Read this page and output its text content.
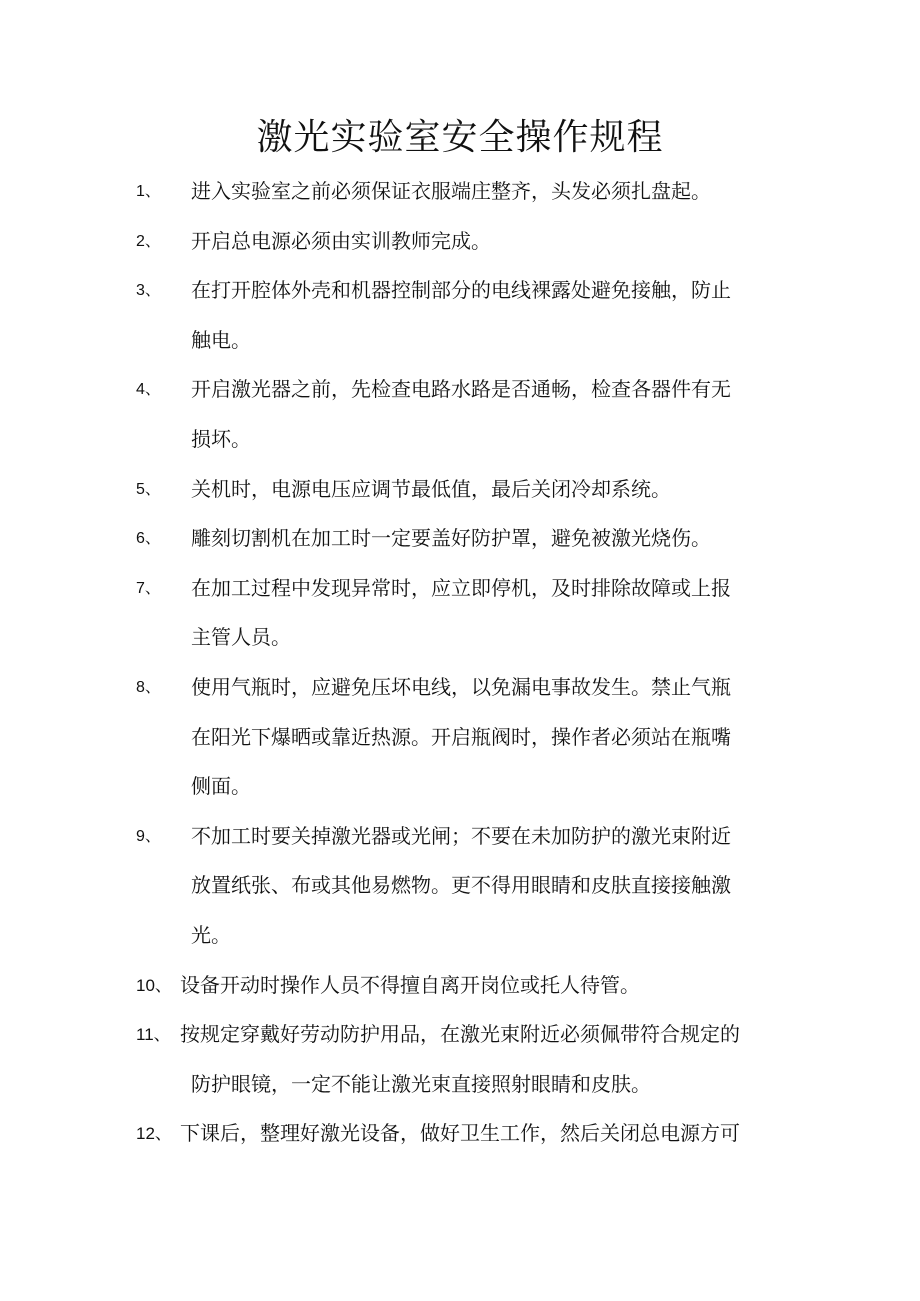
激光实验室安全操作规程
1、	进入实验室之前必须保证衣服端庄整齐，头发必须扎盘起。
2、	开启总电源必须由实训教师完成。
3、	在打开腔体外壳和机器控制部分的电线裸露处避免接触，防止
触电。
4、	开启激光器之前，先检查电路水路是否通畅，检查各器件有无
损坏。
5、	关机时，电源电压应调节最低值，最后关闭冷却系统。
6、	雕刻切割机在加工时一定要盖好防护罩，避免被激光烧伤。
7、	在加工过程中发现异常时，应立即停机，及时排除故障或上报
主管人员。
8、	使用气瓶时，应避免压坏电线，以免漏电事故发生。禁止气瓶
在阳光下爆晒或靠近热源。开启瓶阀时，操作者必须站在瓶嘴
侧面。
9、	不加工时要关掉激光器或光闸；不要在未加防护的激光束附近
放置纸张、布或其他易燃物。更不得用眼睛和皮肤直接接触激
光。
10、 设备开动时操作人员不得擅自离开岗位或托人待管。
11、 按规定穿戴好劳动防护用品，在激光束附近必须佩带符合规定的
防护眼镜，一定不能让激光束直接照射眼睛和皮肤。
12、 下课后，整理好激光设备，做好卫生工作，然后关闭总电源方可
